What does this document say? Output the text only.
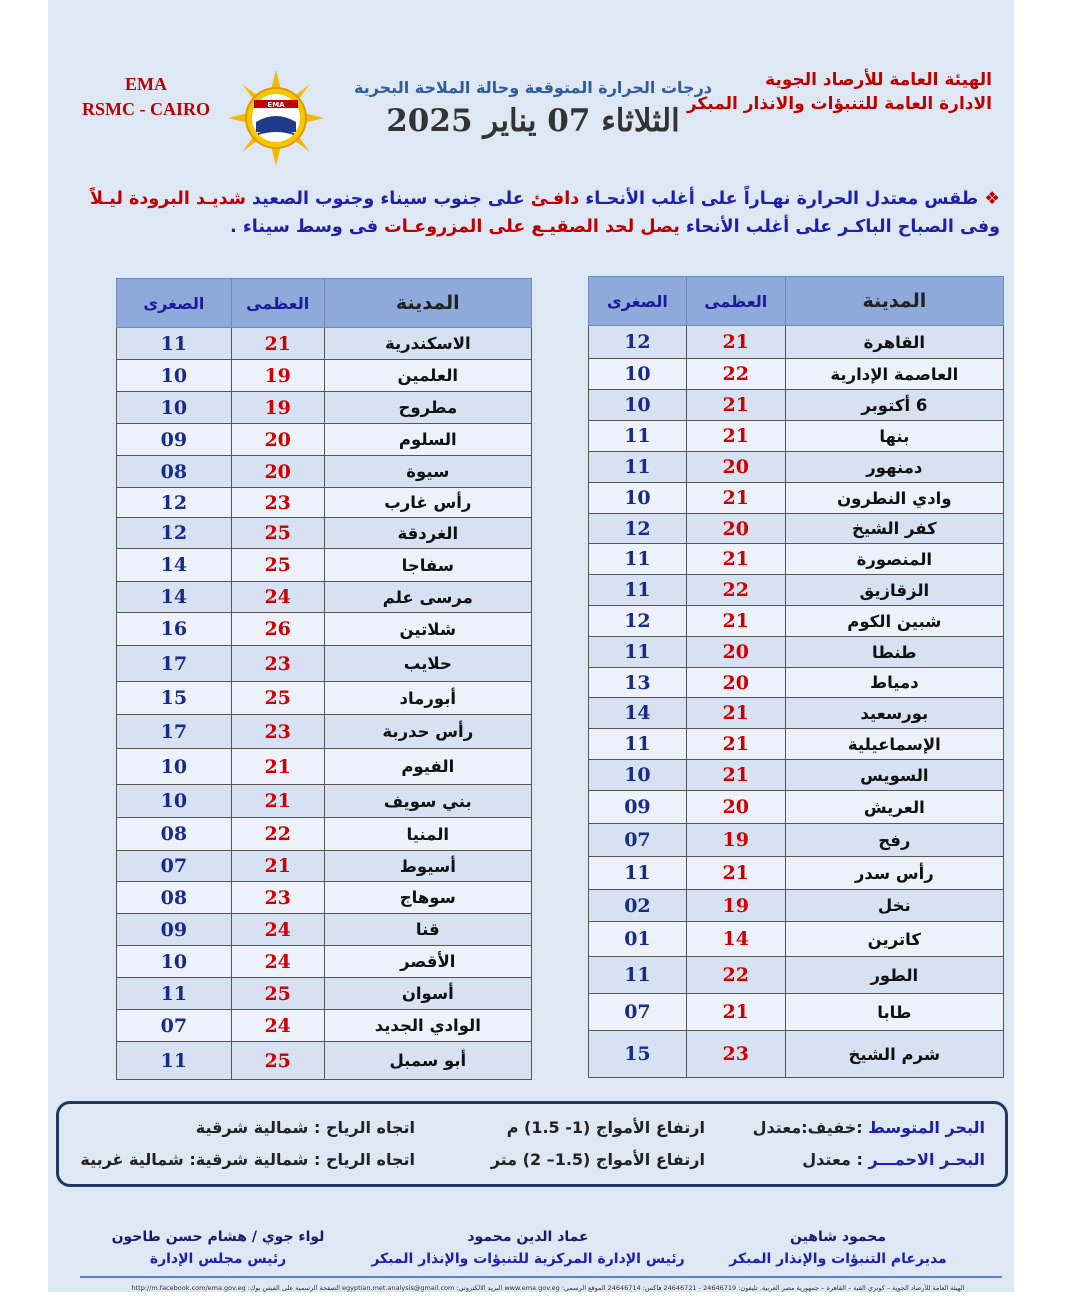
الهيئة العامة للأرصاد الجوية
الادارة العامة للتنبؤات والانذار المبكر
درجات الحرارة المتوقعة وحالة الملاحة البحرية
الثلاثاء 07 يناير 2025
EMA
EMA
RSMC - CAIRO
❖ طقس معتدل الحرارة نهـاراً على أغلب الأنحـاء دافـئ على جنوب سيناء وجنوب الصعيد شديـد البرودة ليـلاً وفى الصباح الباكـر على أغلب الأنحاء يصل لحد الصقيـع على المزروعـات فى وسط سيناء .
المدينة	العظمى	الصغرى
القاهرة	21	12
العاصمة الإدارية	22	10
6 أكتوبر	21	10
بنها	21	11
دمنهور	20	11
وادي النطرون	21	10
كفر الشيخ	20	12
المنصورة	21	11
الزقازيق	22	11
شبين الكوم	21	12
طنطا	20	11
دمياط	20	13
بورسعيد	21	14
الإسماعيلية	21	11
السويس	21	10
العريش	20	09
رفح	19	07
رأس سدر	21	11
نخل	19	02
كاترين	14	01
الطور	22	11
طابا	21	07
شرم الشيخ	23	15
المدينة	العظمى	الصغرى
الاسكندرية	21	11
العلمين	19	10
مطروح	19	10
السلوم	20	09
سيوة	20	08
رأس غارب	23	12
الغردقة	25	12
سفاجا	25	14
مرسى علم	24	14
شلاتين	26	16
حلايب	23	17
أبورماد	25	15
رأس حدربة	23	17
الفيوم	21	10
بني سويف	21	10
المنيا	22	08
أسيوط	21	07
سوهاج	23	08
قنا	24	09
الأقصر	24	10
أسوان	25	11
الوادي الجديد	24	07
أبو سمبل	25	11
البحر المتوسط :خفيف:معتدل
ارتفاع الأمواج (1- 1.5) م
اتجاه الرياح : شمالية شرقية
البحـر الاحمـــر : معتدل
ارتفاع الأمواج (1.5– 2) متر
اتجاه الرياح : شمالية شرقية: شمالية غربية
محمود شاهين
مديرعام التنبؤات والإنذار المبكر
عماد الدين محمود
رئيس الإدارة المركزية للتنبؤات والإنذار المبكر
لواء جوي / هشام حسن طاحون
رئيس مجلس الإدارة
الهيئة العامة للأرصاد الجوية – كوبري القبة – القاهرة – جمهورية مصر العربية. تليفون: 24646719 - 24646721 فاكس: 24646714 الموقع الرسمي: www.ema.gov.eg البريد الالكتروني: egyptian.met.analysis@gmail.com الصفحة الرسمية على الفيس بوك: http://m.facebook.com/ema.gov.eg
